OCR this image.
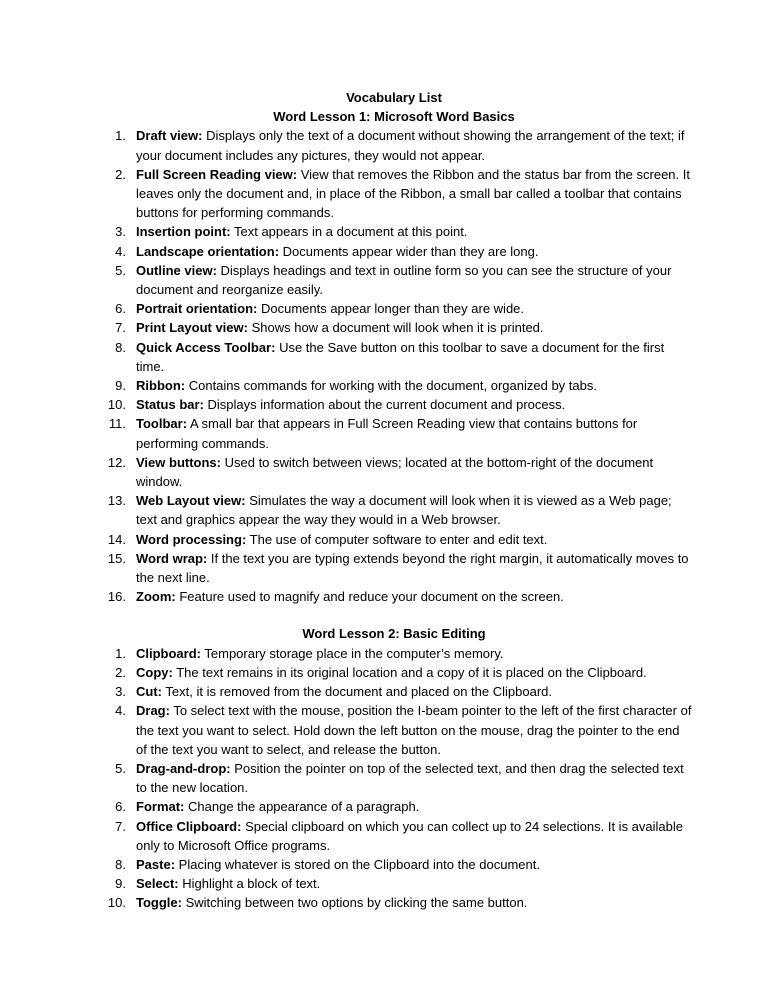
Vocabulary List

Word Lesson 1: Microsoft Word Basics

1. Draft view: Displays only the text of a document without showing the arrangement of the text; if your document includes any pictures, they would not appear.
2. Full Screen Reading view: View that removes the Ribbon and the status bar from the screen. It leaves only the document and, in place of the Ribbon, a small bar called a toolbar that contains buttons for performing commands.
3. Insertion point: Text appears in a document at this point.
4. Landscape orientation: Documents appear wider than they are long.
5. Outline view: Displays headings and text in outline form so you can see the structure of your document and reorganize easily.
6. Portrait orientation: Documents appear longer than they are wide.
7. Print Layout view: Shows how a document will look when it is printed.
8. Quick Access Toolbar: Use the Save button on this toolbar to save a document for the first time.
9. Ribbon: Contains commands for working with the document, organized by tabs.
10. Status bar: Displays information about the current document and process.
11. Toolbar: A small bar that appears in Full Screen Reading view that contains buttons for performing commands.
12. View buttons: Used to switch between views; located at the bottom-right of the document window.
13. Web Layout view: Simulates the way a document will look when it is viewed as a Web page; text and graphics appear the way they would in a Web browser.
14. Word processing: The use of computer software to enter and edit text.
15. Word wrap: If the text you are typing extends beyond the right margin, it automatically moves to the next line.
16. Zoom: Feature used to magnify and reduce your document on the screen.

Word Lesson 2: Basic Editing

1. Clipboard: Temporary storage place in the computer’s memory.
2. Copy: The text remains in its original location and a copy of it is placed on the Clipboard.
3. Cut: Text, it is removed from the document and placed on the Clipboard.
4. Drag: To select text with the mouse, position the I-beam pointer to the left of the first character of the text you want to select. Hold down the left button on the mouse, drag the pointer to the end of the text you want to select, and release the button.
5. Drag-and-drop: Position the pointer on top of the selected text, and then drag the selected text to the new location.
6. Format: Change the appearance of a paragraph.
7. Office Clipboard: Special clipboard on which you can collect up to 24 selections. It is available only to Microsoft Office programs.
8. Paste: Placing whatever is stored on the Clipboard into the document.
9. Select: Highlight a block of text.
10. Toggle: Switching between two options by clicking the same button.
